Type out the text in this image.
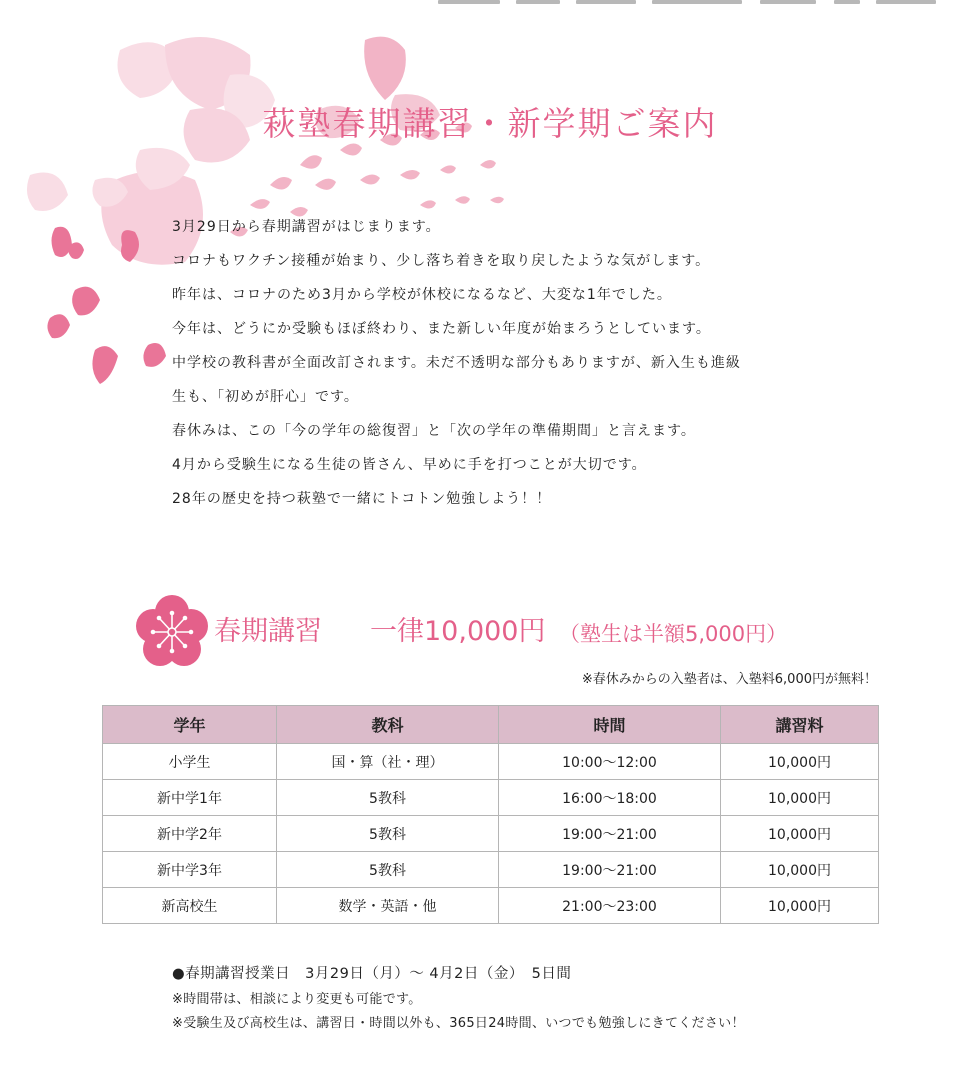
萩塾春期講習・新学期ご案内
3月29日から春期講習がはじまります。
コロナもワクチン接種が始まり、少し落ち着きを取り戻したような気がします。
昨年は、コロナのため3月から学校が休校になるなど、大変な1年でした。
今年は、どうにか受験もほぼ終わり、また新しい年度が始まろうとしています。
中学校の教科書が全面改訂されます。未だ不透明な部分もありますが、新入生も進級
生も、「初めが肝心」です。
春休みは、この「今の学年の総復習」と「次の学年の準備期間」と言えます。
4月から受験生になる生徒の皆さん、早めに手を打つことが大切です。
28年の歴史を持つ萩塾で一緒にトコトン勉強しよう！！
春期講習 一律10,000円 （塾生は半額5,000円）
※春休みからの入塾者は、入塾料6,000円が無料！
学年	教科	時間	講習料
小学生	国・算（社・理）	10:00〜12:00	10,000円
新中学1年	5教科	16:00〜18:00	10,000円
新中学2年	5教科	19:00〜21:00	10,000円
新中学3年	5教科	19:00〜21:00	10,000円
新高校生	数学・英語・他	21:00〜23:00	10,000円
●春期講習授業日　3月29日（月）〜 4月2日（金）　5日間
※時間帯は、相談により変更も可能です。
※受験生及び高校生は、講習日・時間以外も、365日24時間、いつでも勉強しにきてください！
